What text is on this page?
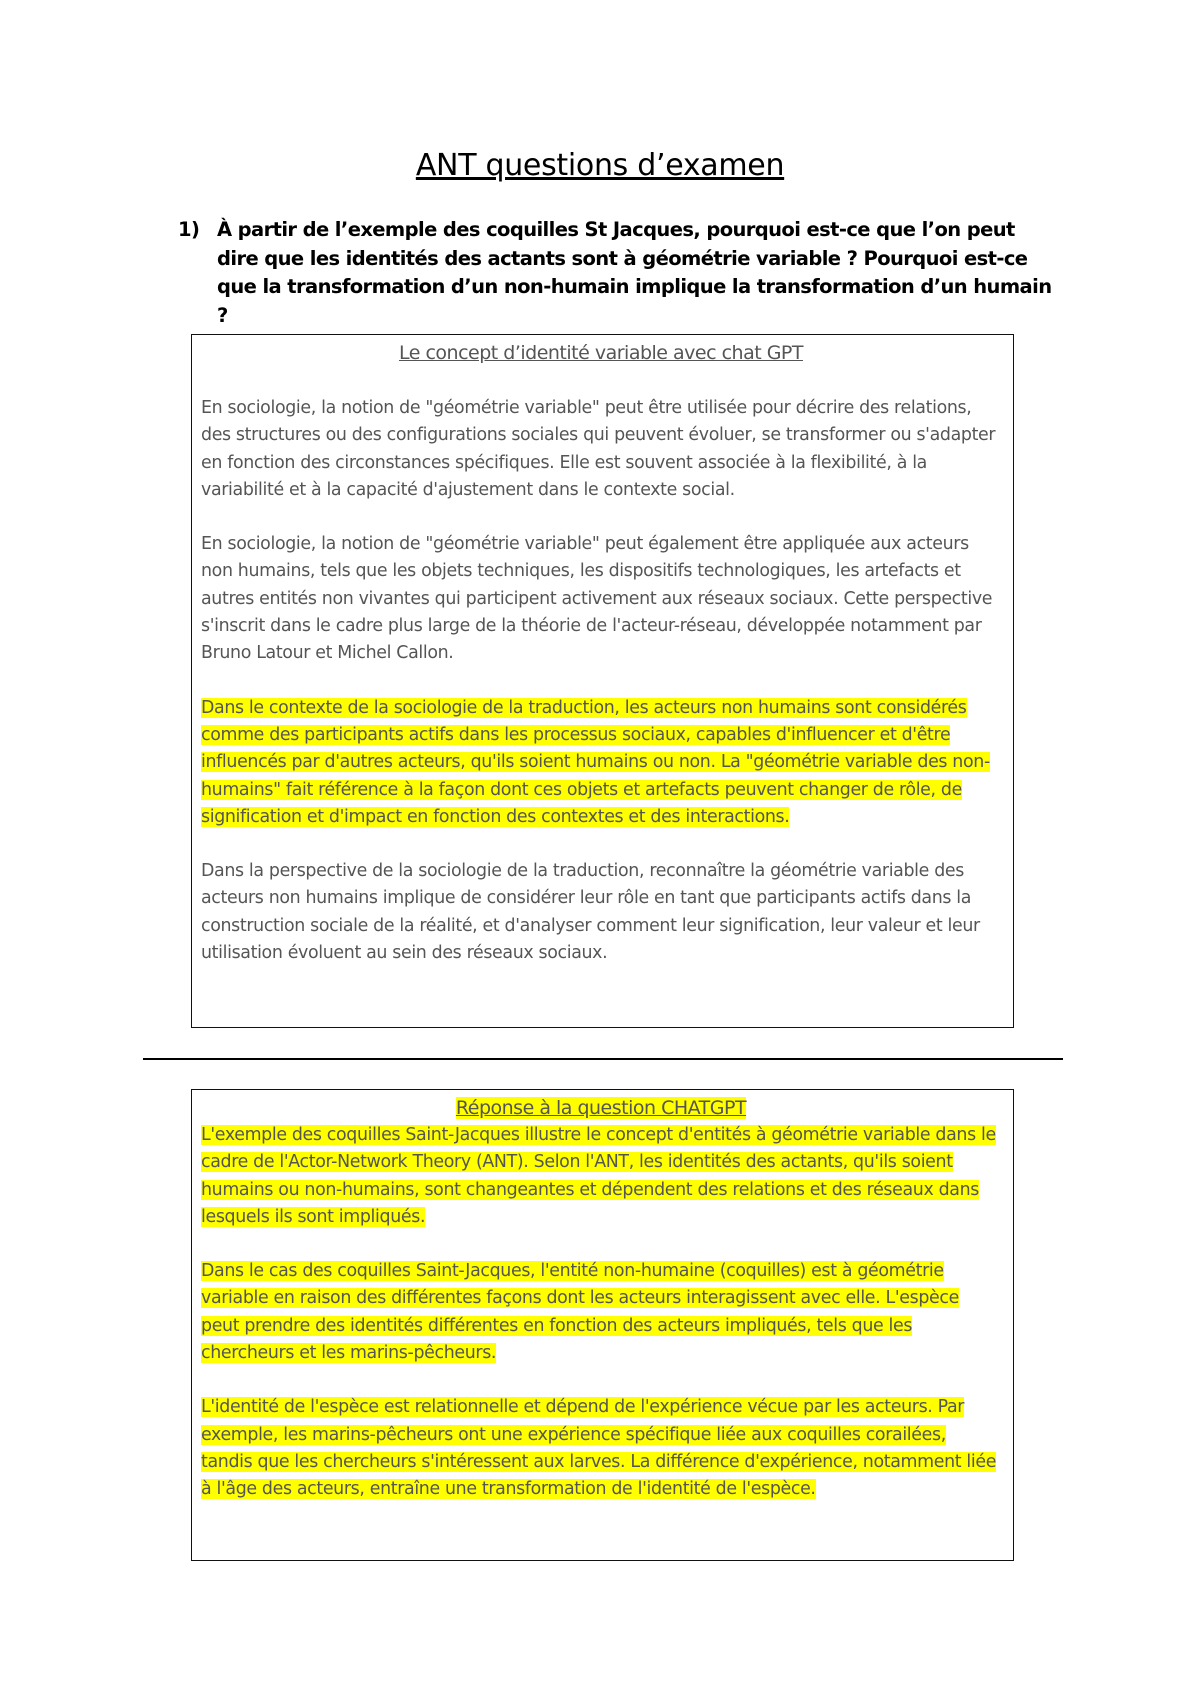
ANT questions d’examen
1) À partir de l’exemple des coquilles St Jacques, pourquoi est-ce que l’on peut dire que les identités des actants sont à géométrie variable ? Pourquoi est-ce que la transformation d’un non-humain implique la transformation d’un humain ?
Le concept d’identité variable avec chat GPT

En sociologie, la notion de "géométrie variable" peut être utilisée pour décrire des relations, des structures ou des configurations sociales qui peuvent évoluer, se transformer ou s'adapter en fonction des circonstances spécifiques. Elle est souvent associée à la flexibilité, à la variabilité et à la capacité d'ajustement dans le contexte social.

En sociologie, la notion de "géométrie variable" peut également être appliquée aux acteurs non humains, tels que les objets techniques, les dispositifs technologiques, les artefacts et autres entités non vivantes qui participent activement aux réseaux sociaux. Cette perspective s'inscrit dans le cadre plus large de la théorie de l'acteur-réseau, développée notamment par Bruno Latour et Michel Callon.

Dans le contexte de la sociologie de la traduction, les acteurs non humains sont considérés comme des participants actifs dans les processus sociaux, capables d'influencer et d'être influencés par d'autres acteurs, qu'ils soient humains ou non. La "géométrie variable des non-humains" fait référence à la façon dont ces objets et artefacts peuvent changer de rôle, de signification et d'impact en fonction des contextes et des interactions.

Dans la perspective de la sociologie de la traduction, reconnaître la géométrie variable des acteurs non humains implique de considérer leur rôle en tant que participants actifs dans la construction sociale de la réalité, et d'analyser comment leur signification, leur valeur et leur utilisation évoluent au sein des réseaux sociaux.

Réponse à la question CHATGPT

L'exemple des coquilles Saint-Jacques illustre le concept d'entités à géométrie variable dans le cadre de l'Actor-Network Theory (ANT). Selon l'ANT, les identités des actants, qu'ils soient humains ou non-humains, sont changeantes et dépendent des relations et des réseaux dans lesquels ils sont impliqués.

Dans le cas des coquilles Saint-Jacques, l'entité non-humaine (coquilles) est à géométrie variable en raison des différentes façons dont les acteurs interagissent avec elle. L'espèce peut prendre des identités différentes en fonction des acteurs impliqués, tels que les chercheurs et les marins-pêcheurs.

L'identité de l'espèce est relationnelle et dépend de l'expérience vécue par les acteurs. Par exemple, les marins-pêcheurs ont une expérience spécifique liée aux coquilles corailées, tandis que les chercheurs s'intéressent aux larves. La différence d'expérience, notamment liée à l'âge des acteurs, entraîne une transformation de l'identité de l'espèce.
